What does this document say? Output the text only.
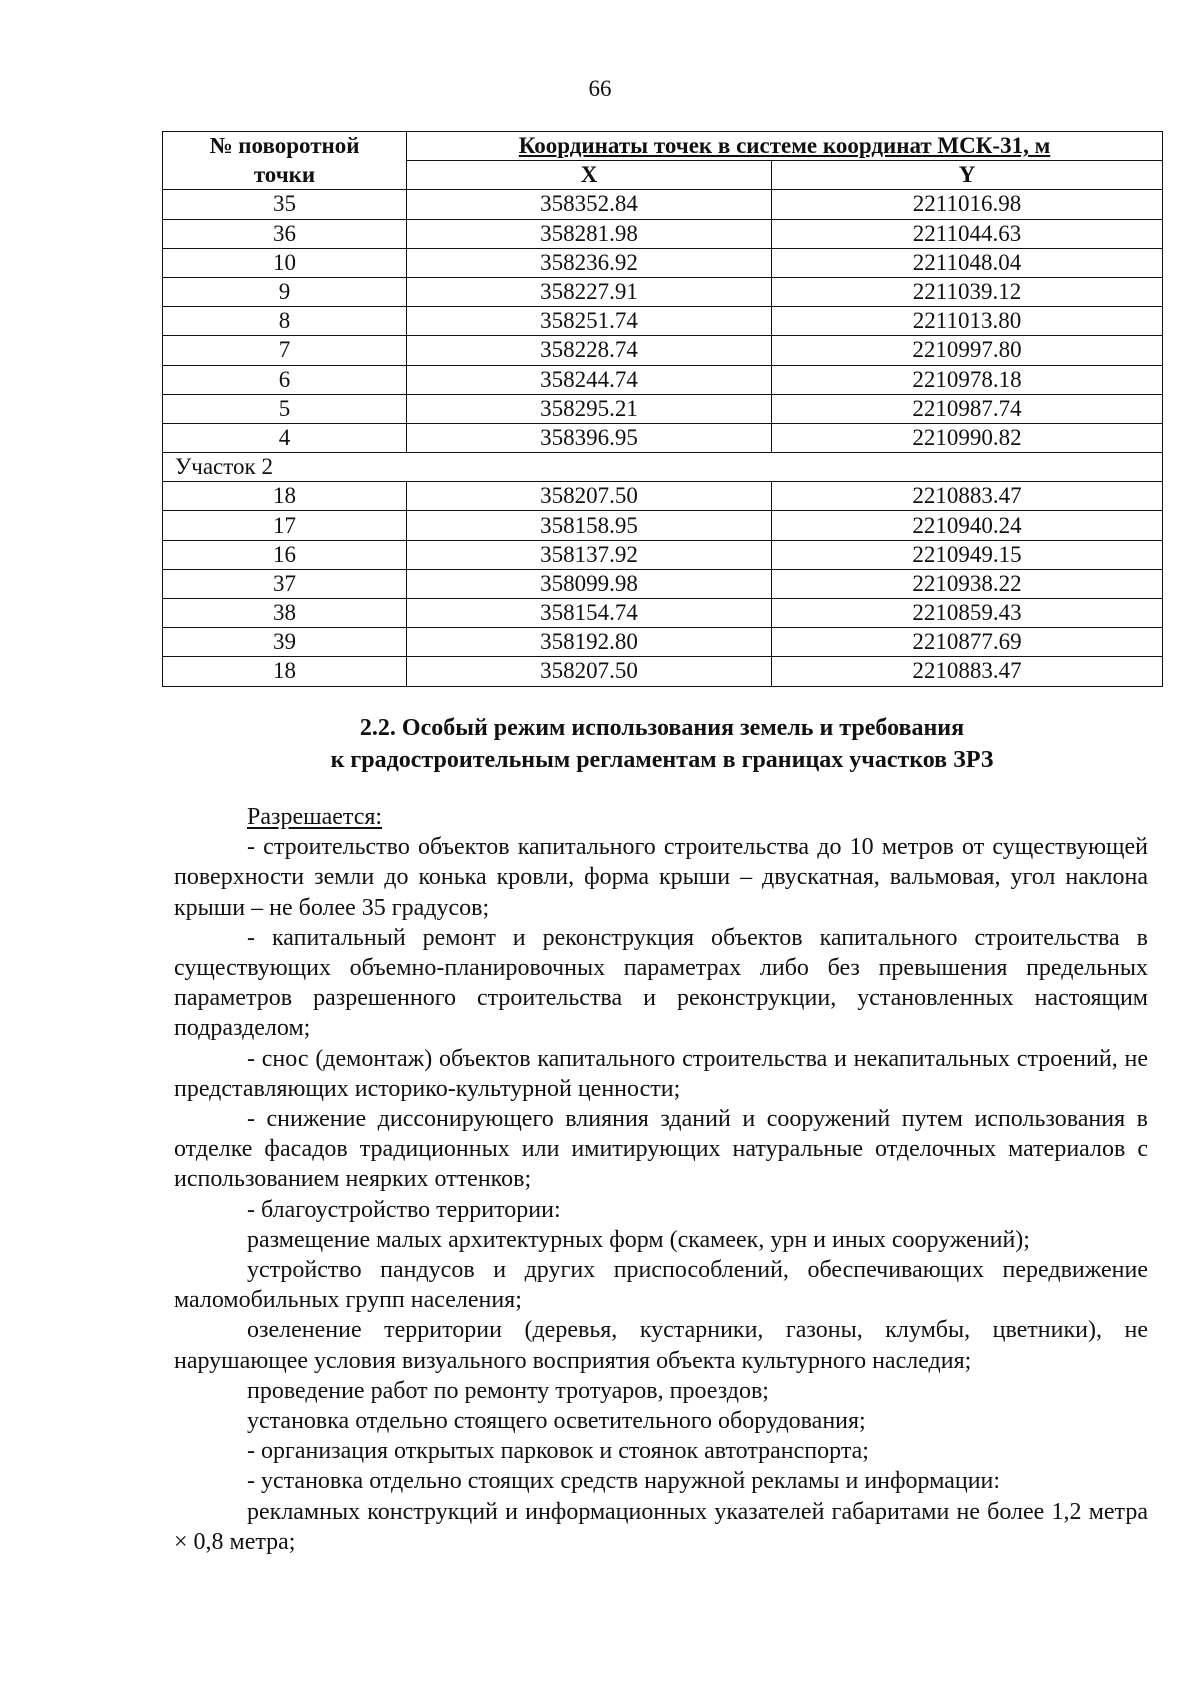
66
№ поворотной	Координаты точек в системе координат МСК-31, м	
точки	X	Y
35	358352.84	2211016.98
36	358281.98	2211044.63
10	358236.92	2211048.04
9	358227.91	2211039.12
8	358251.74	2211013.80
7	358228.74	2210997.80
6	358244.74	2210978.18
5	358295.21	2210987.74
4	358396.95	2210990.82
Участок 2		
18	358207.50	2210883.47
17	358158.95	2210940.24
16	358137.92	2210949.15
37	358099.98	2210938.22
38	358154.74	2210859.43
39	358192.80	2210877.69
18	358207.50	2210883.47
2.2. Особый режим использования земель и требования
к градостроительным регламентам в границах участков ЗРЗ

Разрешается:

- строительство объектов капитального строительства до 10 метров от существующей поверхности земли до конька кровли, форма крыши – двускатная, вальмовая, угол наклона крыши – не более 35 градусов;

- капитальный ремонт и реконструкция объектов капитального строительства в существующих объемно-планировочных параметрах либо без превышения предельных параметров разрешенного строительства и реконструкции, установленных настоящим подразделом;

- снос (демонтаж) объектов капитального строительства и некапитальных строений, не представляющих историко-культурной ценности;

- снижение диссонирующего влияния зданий и сооружений путем использования в отделке фасадов традиционных или имитирующих натуральные отделочных материалов с использованием неярких оттенков;

- благоустройство территории:

размещение малых архитектурных форм (скамеек, урн и иных сооружений);

устройство пандусов и других приспособлений, обеспечивающих передвижение маломобильных групп населения;

озеленение территории (деревья, кустарники, газоны, клумбы, цветники), не нарушающее условия визуального восприятия объекта культурного наследия;

проведение работ по ремонту тротуаров, проездов;

установка отдельно стоящего осветительного оборудования;

- организация открытых парковок и стоянок автотранспорта;

- установка отдельно стоящих средств наружной рекламы и информации:

рекламных конструкций и информационных указателей габаритами не более 1,2 метра × 0,8 метра;
